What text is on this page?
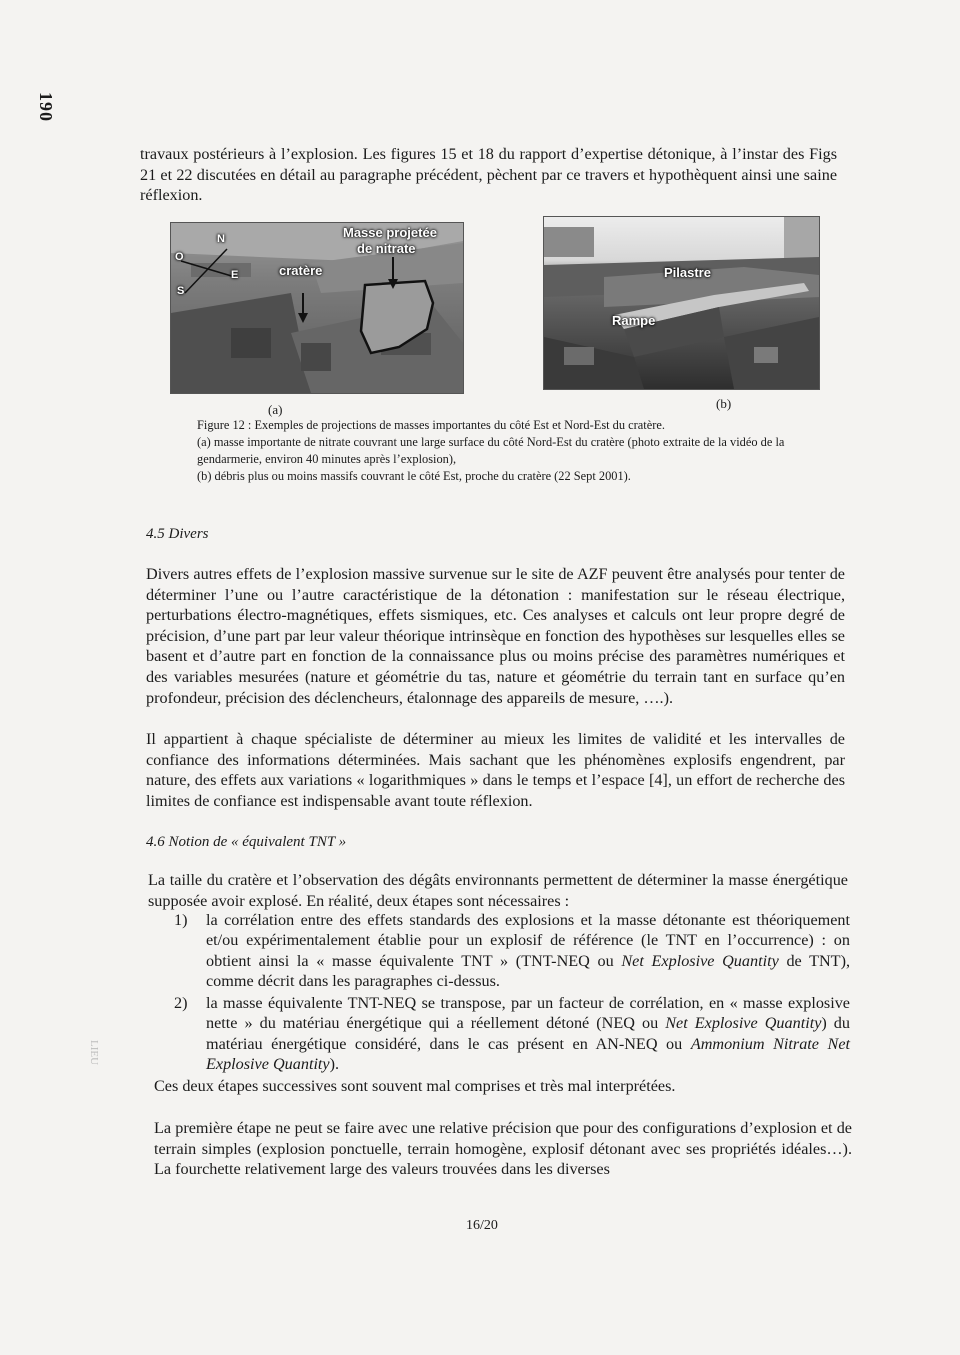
190
LIEU
travaux postérieurs à l’explosion. Les figures 15 et 18 du rapport d’expertise détonique, à l’instar des Figs 21 et 22 discutées en détail au paragraphe précédent, pèchent par ce travers et hypothèquent ainsi une saine réflexion.
N
O
E
S
cratère
Masse projetée
de nitrate
(a)
Pilastre
Rampe
(b)
Figure 12 : Exemples de projections de masses importantes du côté Est et Nord-Est du cratère.
(a) masse importante de nitrate couvrant une large surface du côté Nord-Est du cratère (photo extraite de la vidéo de la gendarmerie, environ 40 minutes après l’explosion),
(b) débris plus ou moins massifs couvrant le côté Est, proche du cratère (22 Sept 2001).
4.5 Divers
Divers autres effets de l’explosion massive survenue sur le site de AZF peuvent être analysés pour tenter de déterminer l’une ou l’autre caractéristique de la détonation : manifestation sur le réseau électrique, perturbations électro-magnétiques, effets sismiques, etc. Ces analyses et calculs ont leur propre degré de précision, d’une part par leur valeur théorique intrinsèque en fonction des hypothèses sur lesquelles elles se basent et d’autre part en fonction de la connaissance plus ou moins précise des paramètres numériques et des variables mesurées (nature et géométrie du tas, nature et géométrie du terrain tant en surface qu’en profondeur, précision des déclencheurs, étalonnage des appareils de mesure, ….).
Il appartient à chaque spécialiste de déterminer au mieux les limites de validité et les intervalles de confiance des informations déterminées. Mais sachant que les phénomènes explosifs engendrent, par nature, des effets aux variations « logarithmiques » dans le temps et l’espace [4], un effort de recherche des limites de confiance est indispensable avant toute réflexion.
4.6 Notion de « équivalent TNT »
La taille du cratère et l’observation des dégâts environnants permettent de déterminer la masse énergétique supposée avoir explosé. En réalité, deux étapes sont nécessaires :
1) la corrélation entre des effets standards des explosions et la masse détonante est théoriquement et/ou expérimentalement établie pour un explosif de référence (le TNT en l’occurrence) : on obtient ainsi la « masse équivalente TNT » (TNT-NEQ ou Net Explosive Quantity de TNT), comme décrit dans les paragraphes ci-dessus.
2) la masse équivalente TNT-NEQ se transpose, par un facteur de corrélation, en « masse explosive nette » du matériau énergétique qui a réellement détoné (NEQ ou Net Explosive Quantity) du matériau énergétique considéré, dans le cas présent en AN-NEQ ou Ammonium Nitrate Net Explosive Quantity).
Ces deux étapes successives sont souvent mal comprises et très mal interprétées.
La première étape ne peut se faire avec une relative précision que pour des configurations d’explosion et de terrain simples (explosion ponctuelle, terrain homogène, explosif détonant avec ses propriétés idéales…). La fourchette relativement large des valeurs trouvées dans les diverses
16/20
